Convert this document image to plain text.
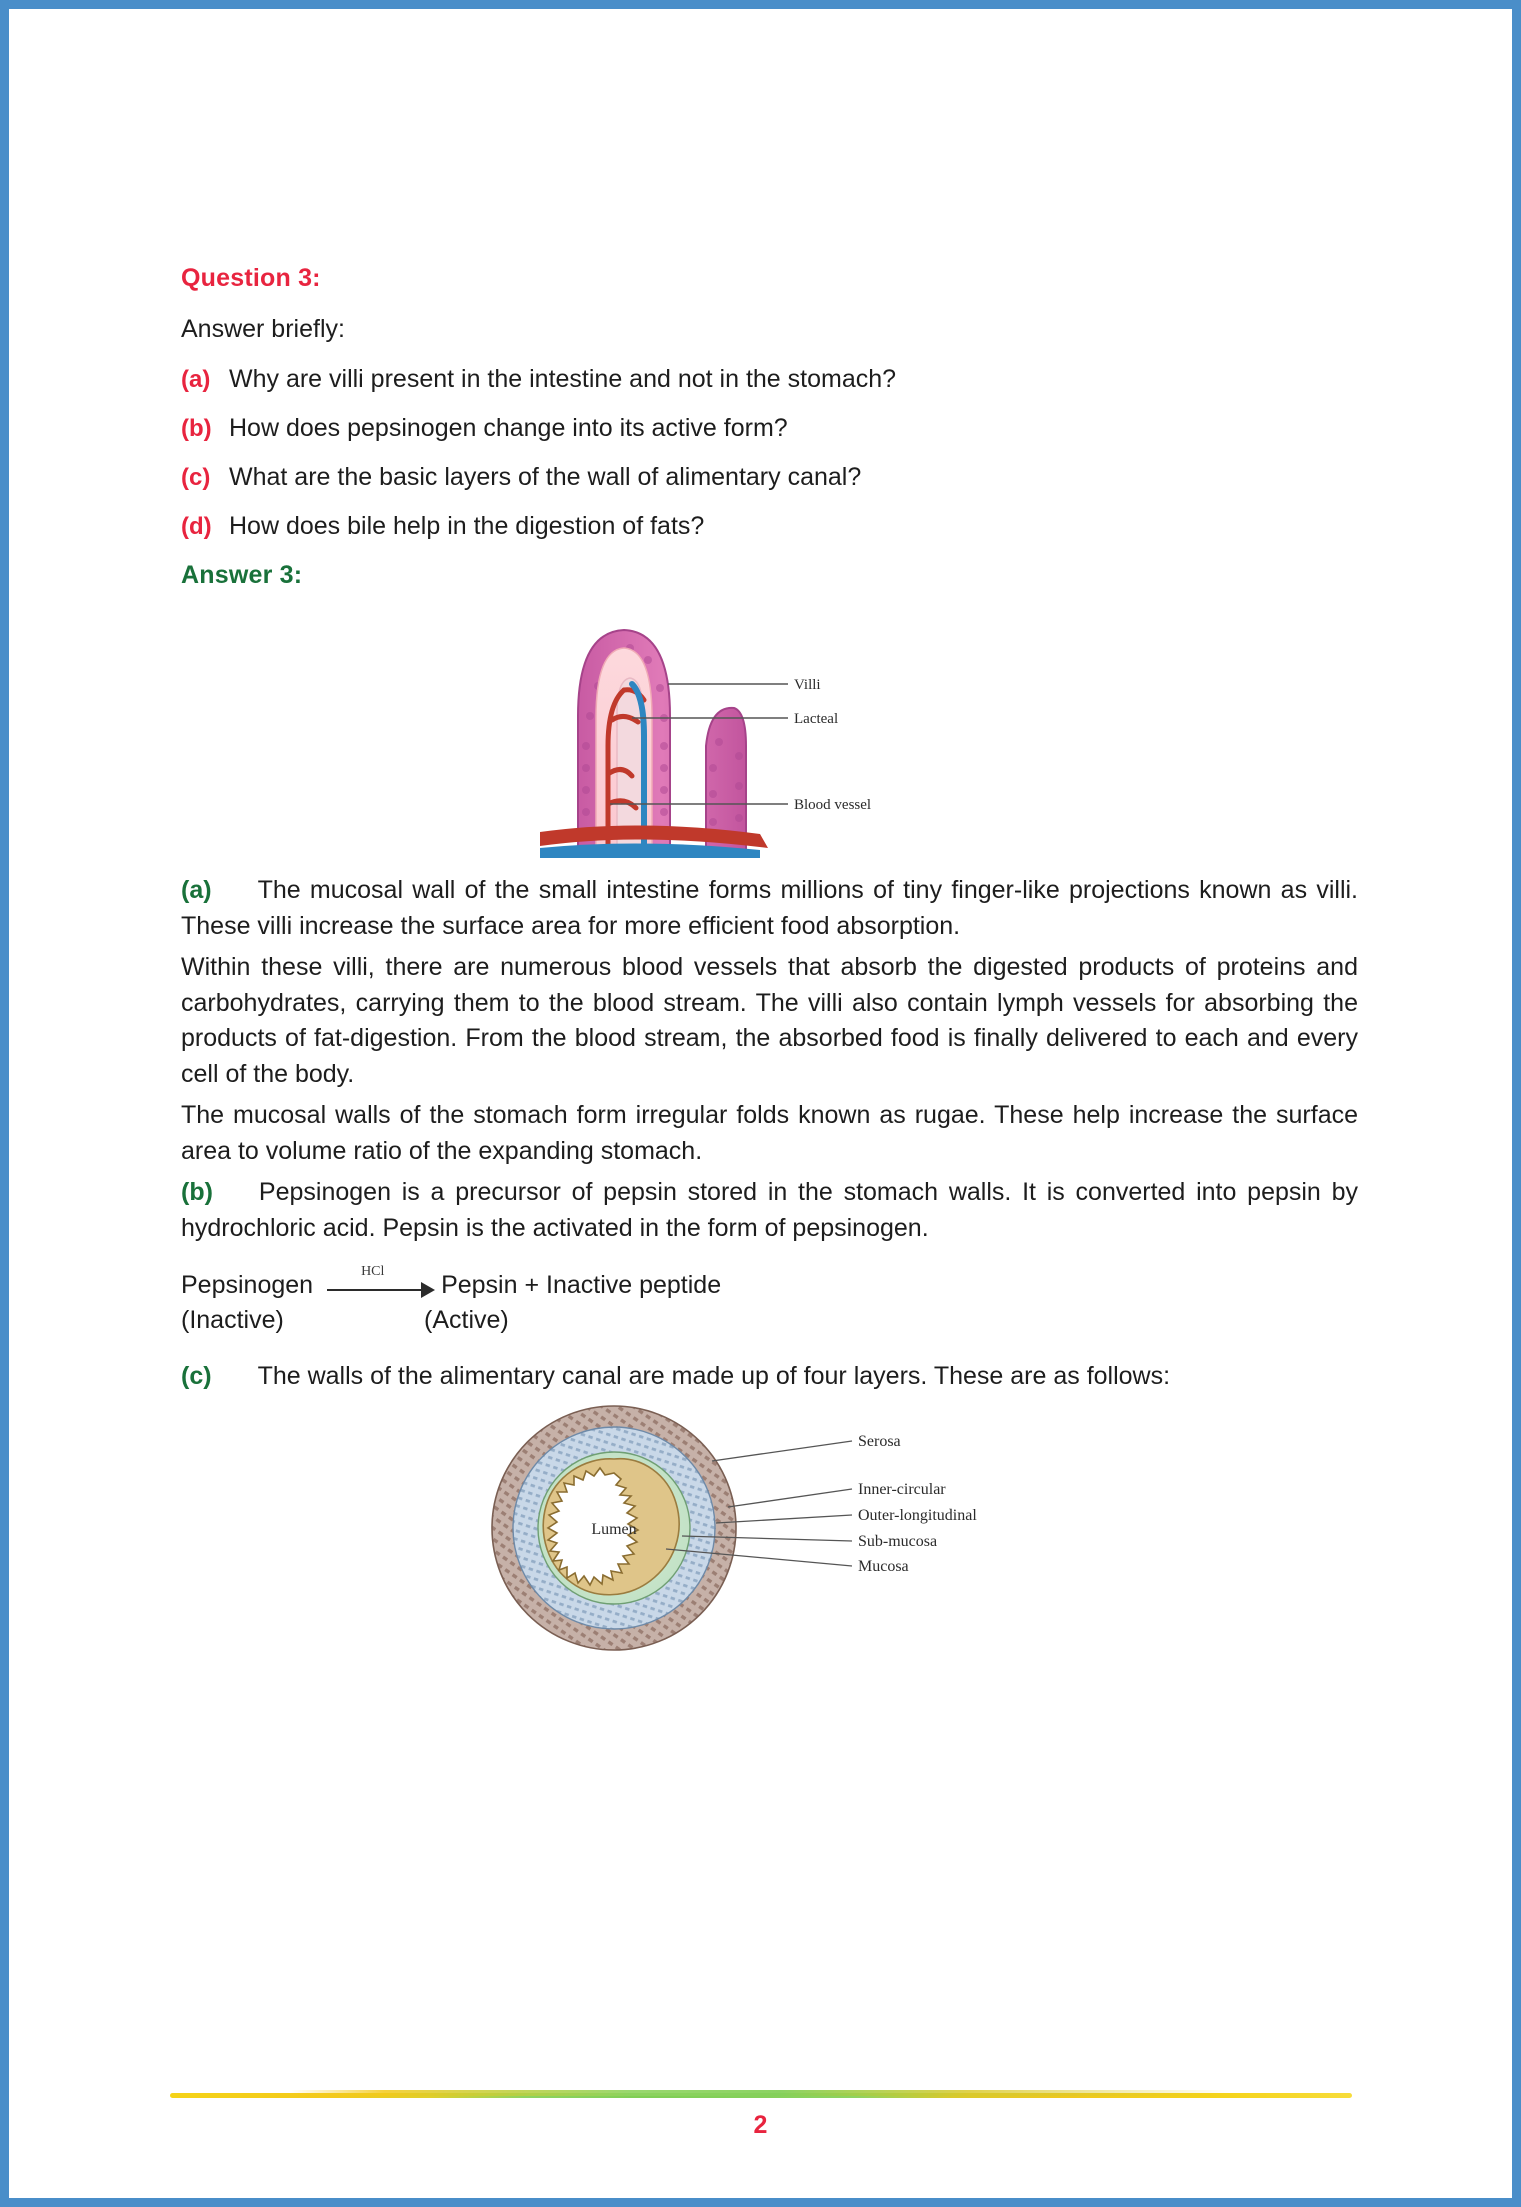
Question 3:
Answer briefly:
(a) Why are villi present in the intestine and not in the stomach?
(b) How does pepsinogen change into its active form?
(c) What are the basic layers of the wall of alimentary canal?
(d) How does bile help in the digestion of fats?
Answer 3:
Villi
Lacteal
Blood vessel

(a) The mucosal wall of the small intestine forms millions of tiny finger-like projections known as villi. These villi increase the surface area for more efficient food absorption.

Within these villi, there are numerous blood vessels that absorb the digested products of proteins and carbohydrates, carrying them to the blood stream. The villi also contain lymph vessels for absorbing the products of fat-digestion. From the blood stream, the absorbed food is finally delivered to each and every cell of the body.

The mucosal walls of the stomach form irregular folds known as rugae. These help increase the surface area to volume ratio of the expanding stomach.

(b) Pepsinogen is a precursor of pepsin stored in the stomach walls. It is converted into pepsin by hydrochloric acid. Pepsin is the activated in the form of pepsinogen.

Pepsinogen	HCl Pepsin + Inactive peptide
(Inactive)	(Active)

(c) The walls of the alimentary canal are made up of four layers. These are as follows:

Lumen
Serosa
Inner-circular
Outer-longitudinal
Sub-mucosa
Mucosa
2
